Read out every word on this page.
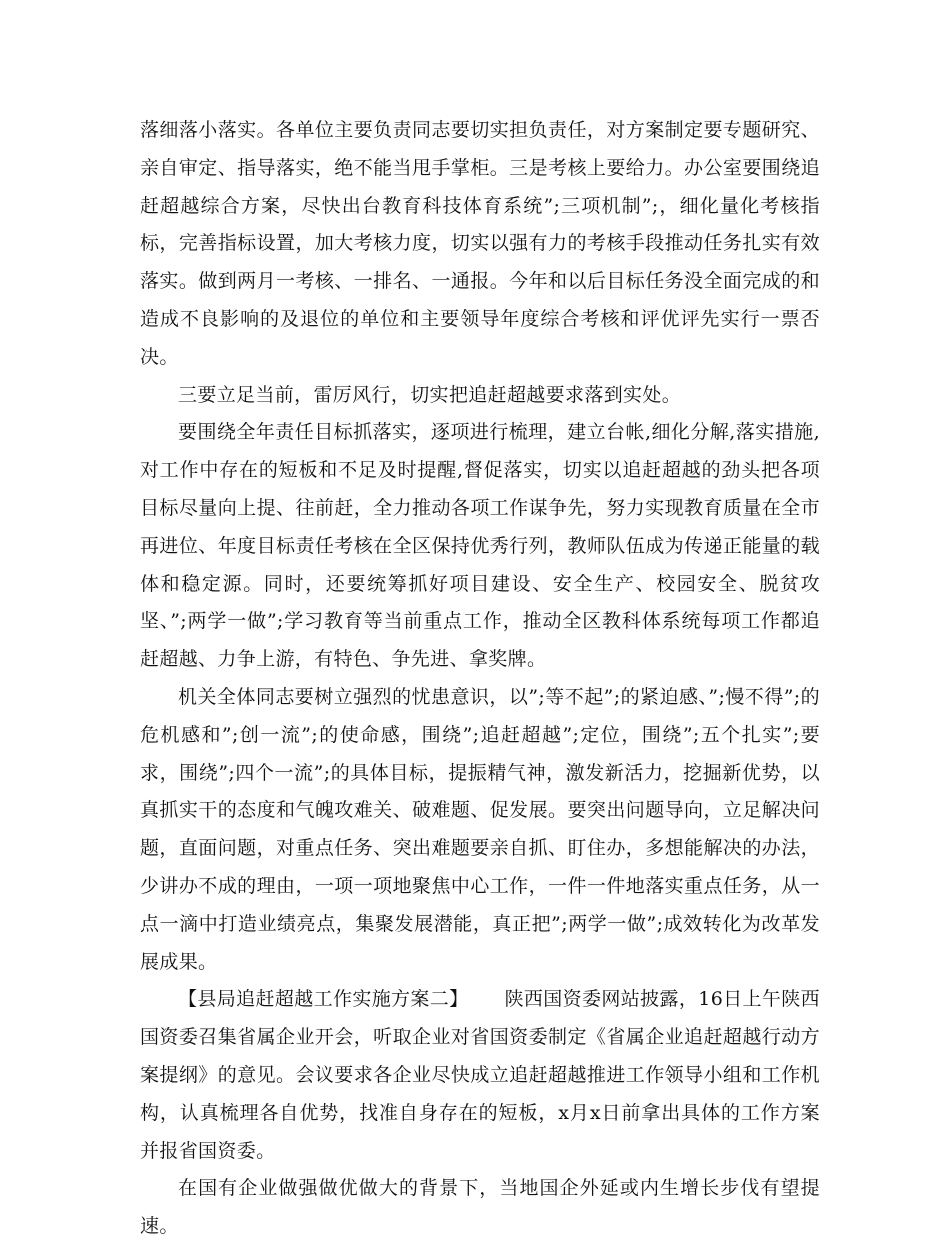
落细落小落实。各单位主要负责同志要切实担负责任，对方案制定要专题研究、亲自审定、指导落实，绝不能当甩手掌柜。三是考核上要给力。办公室要围绕追赶超越综合方案，尽快出台教育科技体育系统”;三项机制”;，细化量化考核指标，完善指标设置，加大考核力度，切实以强有力的考核手段推动任务扎实有效落实。做到两月一考核、一排名、一通报。今年和以后目标任务没全面完成的和造成不良影响的及退位的单位和主要领导年度综合考核和评优评先实行一票否决。

三要立足当前，雷厉风行，切实把追赶超越要求落到实处。

要围绕全年责任目标抓落实，逐项进行梳理，建立台帐,细化分解,落实措施,对工作中存在的短板和不足及时提醒,督促落实，切实以追赶超越的劲头把各项目标尽量向上提、往前赶，全力推动各项工作谋争先，努力实现教育质量在全市再进位、年度目标责任考核在全区保持优秀行列，教师队伍成为传递正能量的载体和稳定源。同时，还要统筹抓好项目建设、安全生产、校园安全、脱贫攻坚、”;两学一做”;学习教育等当前重点工作，推动全区教科体系统每项工作都追赶超越、力争上游，有特色、争先进、拿奖牌。

机关全体同志要树立强烈的忧患意识，以”;等不起”;的紧迫感、”;慢不得”;的危机感和”;创一流”;的使命感，围绕”;追赶超越”;定位，围绕”;五个扎实”;要求，围绕”;四个一流”;的具体目标，提振精气神，激发新活力，挖掘新优势，以真抓实干的态度和气魄攻难关、破难题、促发展。要突出问题导向，立足解决问题，直面问题，对重点任务、突出难题要亲自抓、盯住办，多想能解决的办法，少讲办不成的理由，一项一项地聚焦中心工作，一件一件地落实重点任务，从一点一滴中打造业绩亮点，集聚发展潜能，真正把”;两学一做”;成效转化为改革发展成果。

【县局追赶超越工作实施方案二】 陕西国资委网站披露，16日上午陕西国资委召集省属企业开会，听取企业对省国资委制定《省属企业追赶超越行动方案提纲》的意见。会议要求各企业尽快成立追赶超越推进工作领导小组和工作机构，认真梳理各自优势，找准自身存在的短板，x月x日前拿出具体的工作方案并报省国资委。

在国有企业做强做优做大的背景下，当地国企外延或内生增长步伐有望提速。
